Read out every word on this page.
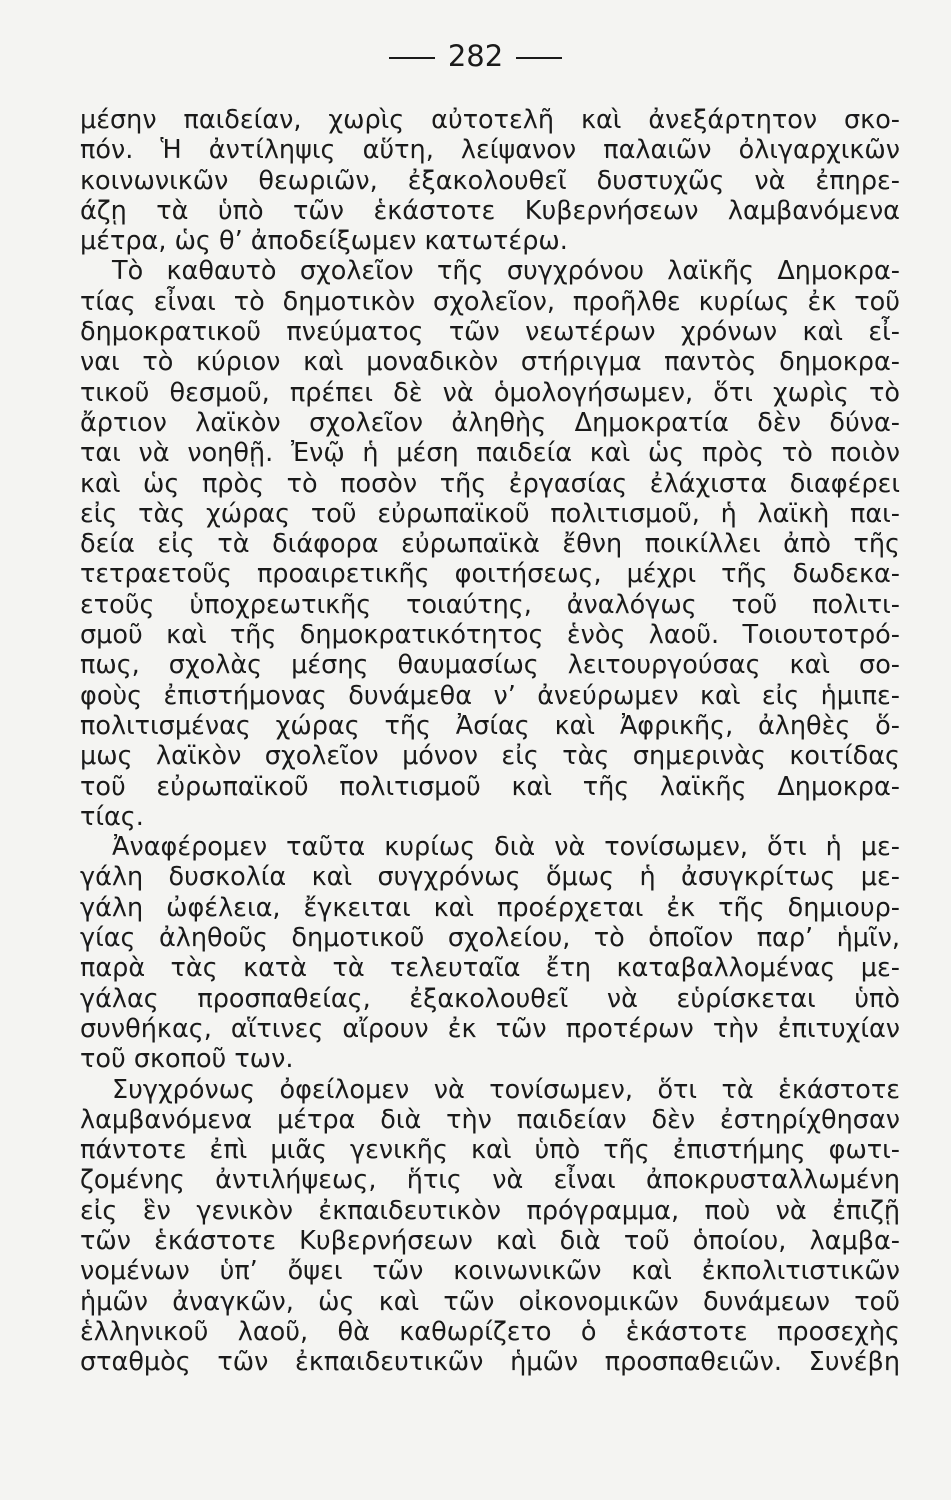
282
μέσην παιδείαν, χωρὶς αὐτοτελῆ καὶ ἀνεξάρτητον σκο-
πόν. Ἡ ἀντίληψις αὕτη, λείψανον παλαιῶν ὀλιγαρχικῶν
κοινωνικῶν θεωριῶν, ἐξακολουθεῖ δυστυχῶς νὰ ἐπηρε-
άζῃ τὰ ὑπὸ τῶν ἑκάστοτε Κυβερνήσεων λαμβανόμενα
μέτρα, ὡς θ’ ἀποδείξωμεν κατωτέρω.
Τὸ καθαυτὸ σχολεῖον τῆς συγχρόνου λαϊκῆς Δημοκρα-
τίας εἶναι τὸ δημοτικὸν σχολεῖον, προῆλθε κυρίως ἐκ τοῦ
δημοκρατικοῦ πνεύματος τῶν νεωτέρων χρόνων καὶ εἶ-
ναι τὸ κύριον καὶ μοναδικὸν στήριγμα παντὸς δημοκρα-
τικοῦ θεσμοῦ, πρέπει δὲ νὰ ὁμολογήσωμεν, ὅτι χωρὶς τὸ
ἄρτιον λαϊκὸν σχολεῖον ἀληθὴς Δημοκρατία δὲν δύνα-
ται νὰ νοηθῇ. Ἐνῷ ἡ μέση παιδεία καὶ ὡς πρὸς τὸ ποιὸν
καὶ ὡς πρὸς τὸ ποσὸν τῆς ἐργασίας ἐλάχιστα διαφέρει
εἰς τὰς χώρας τοῦ εὐρωπαϊκοῦ πολιτισμοῦ, ἡ λαϊκὴ παι-
δεία εἰς τὰ διάφορα εὐρωπαϊκὰ ἔθνη ποικίλλει ἀπὸ τῆς
τετραετοῦς προαιρετικῆς φοιτήσεως, μέχρι τῆς δωδεκα-
ετοῦς ὑποχρεωτικῆς τοιαύτης, ἀναλόγως τοῦ πολιτι-
σμοῦ καὶ τῆς δημοκρατικότητος ἑνὸς λαοῦ. Τοιουτοτρό-
πως, σχολὰς μέσης θαυμασίως λειτουργούσας καὶ σο-
φοὺς ἐπιστήμονας δυνάμεθα ν’ ἀνεύρωμεν καὶ εἰς ἡμιπε-
πολιτισμένας χώρας τῆς Ἀσίας καὶ Ἀφρικῆς, ἀληθὲς ὅ-
μως λαϊκὸν σχολεῖον μόνον εἰς τὰς σημερινὰς κοιτίδας
τοῦ εὐρωπαϊκοῦ πολιτισμοῦ καὶ τῆς λαϊκῆς Δημοκρα-
τίας.
Ἀναφέρομεν ταῦτα κυρίως διὰ νὰ τονίσωμεν, ὅτι ἡ με-
γάλη δυσκολία καὶ συγχρόνως ὅμως ἡ ἀσυγκρίτως με-
γάλη ὠφέλεια, ἔγκειται καὶ προέρχεται ἐκ τῆς δημιουρ-
γίας ἀληθοῦς δημοτικοῦ σχολείου, τὸ ὁποῖον παρ’ ἡμῖν,
παρὰ τὰς κατὰ τὰ τελευταῖα ἔτη καταβαλλομένας με-
γάλας προσπαθείας, ἐξακολουθεῖ νὰ εὑρίσκεται ὑπὸ
συνθήκας, αἵτινες αἴρουν ἐκ τῶν προτέρων τὴν ἐπιτυχίαν
τοῦ σκοποῦ των.
Συγχρόνως ὀφείλομεν νὰ τονίσωμεν, ὅτι τὰ ἑκάστοτε
λαμβανόμενα μέτρα διὰ τὴν παιδείαν δὲν ἐστηρίχθησαν
πάντοτε ἐπὶ μιᾶς γενικῆς καὶ ὑπὸ τῆς ἐπιστήμης φωτι-
ζομένης ἀντιλήψεως, ἥτις νὰ εἶναι ἀποκρυσταλλωμένη
εἰς ἓν γενικὸν ἐκπαιδευτικὸν πρόγραμμα, ποὺ νὰ ἐπιζῇ
τῶν ἑκάστοτε Κυβερνήσεων καὶ διὰ τοῦ ὁποίου, λαμβα-
νομένων ὑπ’ ὄψει τῶν κοινωνικῶν καὶ ἐκπολιτιστικῶν
ἡμῶν ἀναγκῶν, ὡς καὶ τῶν οἰκονομικῶν δυνάμεων τοῦ
ἑλληνικοῦ λαοῦ, θὰ καθωρίζετο ὁ ἑκάστοτε προσεχὴς
σταθμὸς τῶν ἐκπαιδευτικῶν ἡμῶν προσπαθειῶν. Συνέβη
